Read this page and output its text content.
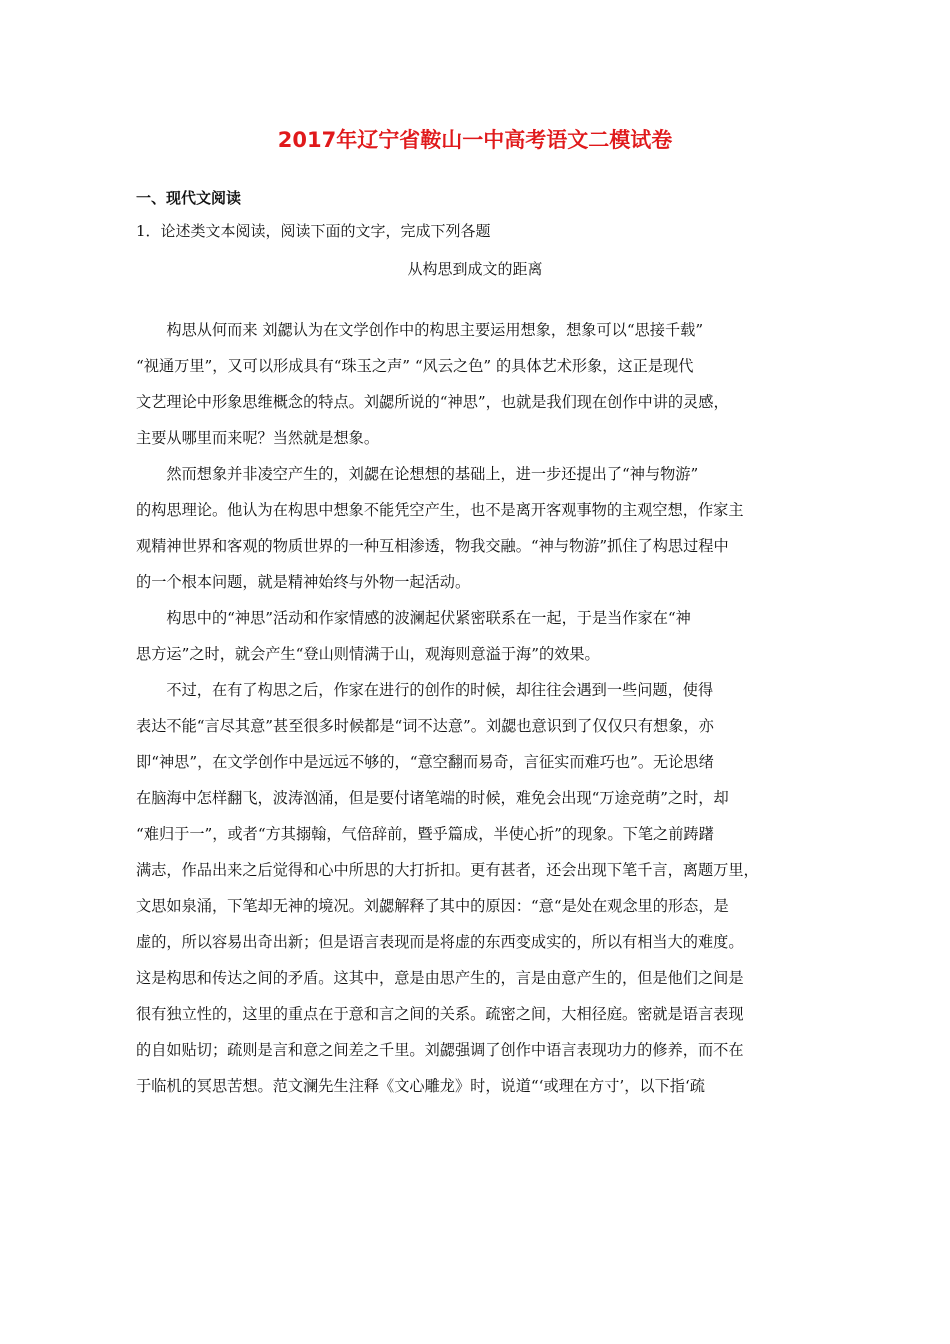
2017年辽宁省鞍山一中高考语文二模试卷
一、现代文阅读
1．论述类文本阅读，阅读下面的文字，完成下列各题
从构思到成文的距离
　　构思从何而来 刘勰认为在文学创作中的构思主要运用想象，想象可以“思接千载”
“视通万里”，又可以形成具有“珠玉之声” “风云之色” 的具体艺术形象，这正是现代
文艺理论中形象思维概念的特点。刘勰所说的“神思”，也就是我们现在创作中讲的灵感，
主要从哪里而来呢？当然就是想象。
　　然而想象并非凌空产生的，刘勰在论想想的基础上，进一步还提出了“神与物游”
的构思理论。他认为在构思中想象不能凭空产生，也不是离开客观事物的主观空想，作家主
观精神世界和客观的物质世界的一种互相渗透，物我交融。“神与物游”抓住了构思过程中
的一个根本问题，就是精神始终与外物一起活动。
　　构思中的“神思”活动和作家情感的波澜起伏紧密联系在一起，于是当作家在“神
思方运”之时，就会产生“登山则情满于山，观海则意溢于海”的效果。
　　不过，在有了构思之后，作家在进行的创作的时候，却往往会遇到一些问题，使得
表达不能“言尽其意”甚至很多时候都是“词不达意”。刘勰也意识到了仅仅只有想象，亦
即“神思”，在文学创作中是远远不够的，“意空翻而易奇，言征实而难巧也”。无论思绪
在脑海中怎样翻飞，波涛汹涌，但是要付诸笔端的时候，难免会出现“万途竞萌”之时，却
“难归于一”，或者“方其搦翰，气倍辞前，暨乎篇成，半使心折”的现象。下笔之前踌躇
满志，作品出来之后觉得和心中所思的大打折扣。更有甚者，还会出现下笔千言，离题万里，
文思如泉涌，下笔却无神的境况。刘勰解释了其中的原因：“意“是处在观念里的形态，是
虚的，所以容易出奇出新；但是语言表现而是将虚的东西变成实的，所以有相当大的难度。
这是构思和传达之间的矛盾。这其中，意是由思产生的，言是由意产生的，但是他们之间是
很有独立性的，这里的重点在于意和言之间的关系。疏密之间，大相径庭。密就是语言表现
的自如贴切；疏则是言和意之间差之千里。刘勰强调了创作中语言表现功力的修养，而不在
于临机的冥思苦想。范文澜先生注释《文心雕龙》时，说道“‘或理在方寸’，以下指‘疏
